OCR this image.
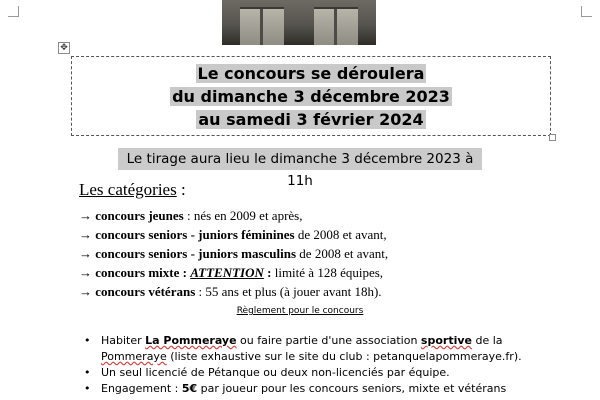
✥
Le concours se déroulera
du dimanche 3 décembre 2023
au samedi 3 février 2024
Le tirage aura lieu le dimanche 3 décembre 2023 à 11h
Les catégories :
→ concours jeunes : nés en 2009 et après,
→ concours seniors - juniors féminines de 2008 et avant,
→ concours seniors - juniors masculins de 2008 et avant,
→ concours mixte : ATTENTION : limité à 128 équipes,
→ concours vétérans : 55 ans et plus (à jouer avant 18h).
Règlement pour le concours
• Habiter La Pommeraye ou faire partie d'une association sportive de la Pommeraye (liste exhaustive sur le site du club : petanquelapommeraye.fr).
• Un seul licencié de Pétanque ou deux non-licenciés par équipe.
• Engagement : 5€ par joueur pour les concours seniors, mixte et vétérans
